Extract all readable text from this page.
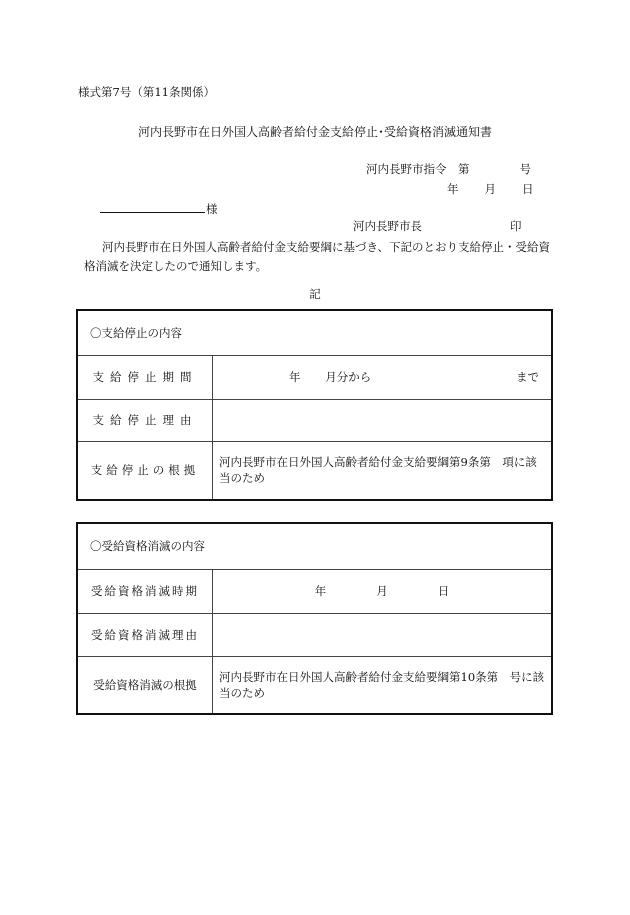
様式第7号（第11条関係）
河内長野市在日外国人高齢者給付金支給停止･受給資格消滅通知書
河内長野市指令　第	号
年 月 日
様
河内長野市長	印
河内長野市在日外国人高齢者給付金支給要綱に基づき、下記のとおり支給停止・受給資格消滅を決定したので通知します。
記
〇支給停止の内容	
支給停止期間	年 月分から まで

支給停止理由	
支給停止の根拠	河内長野市在日外国人高齢者給付金支給要綱第9条第　項に該当のため
〇受給資格消滅の内容	
受給資格消滅時期	年 月 日

受給資格消滅理由	
受給資格消滅の根拠	河内長野市在日外国人高齢者給付金支給要綱第10条第　号に該当のため
